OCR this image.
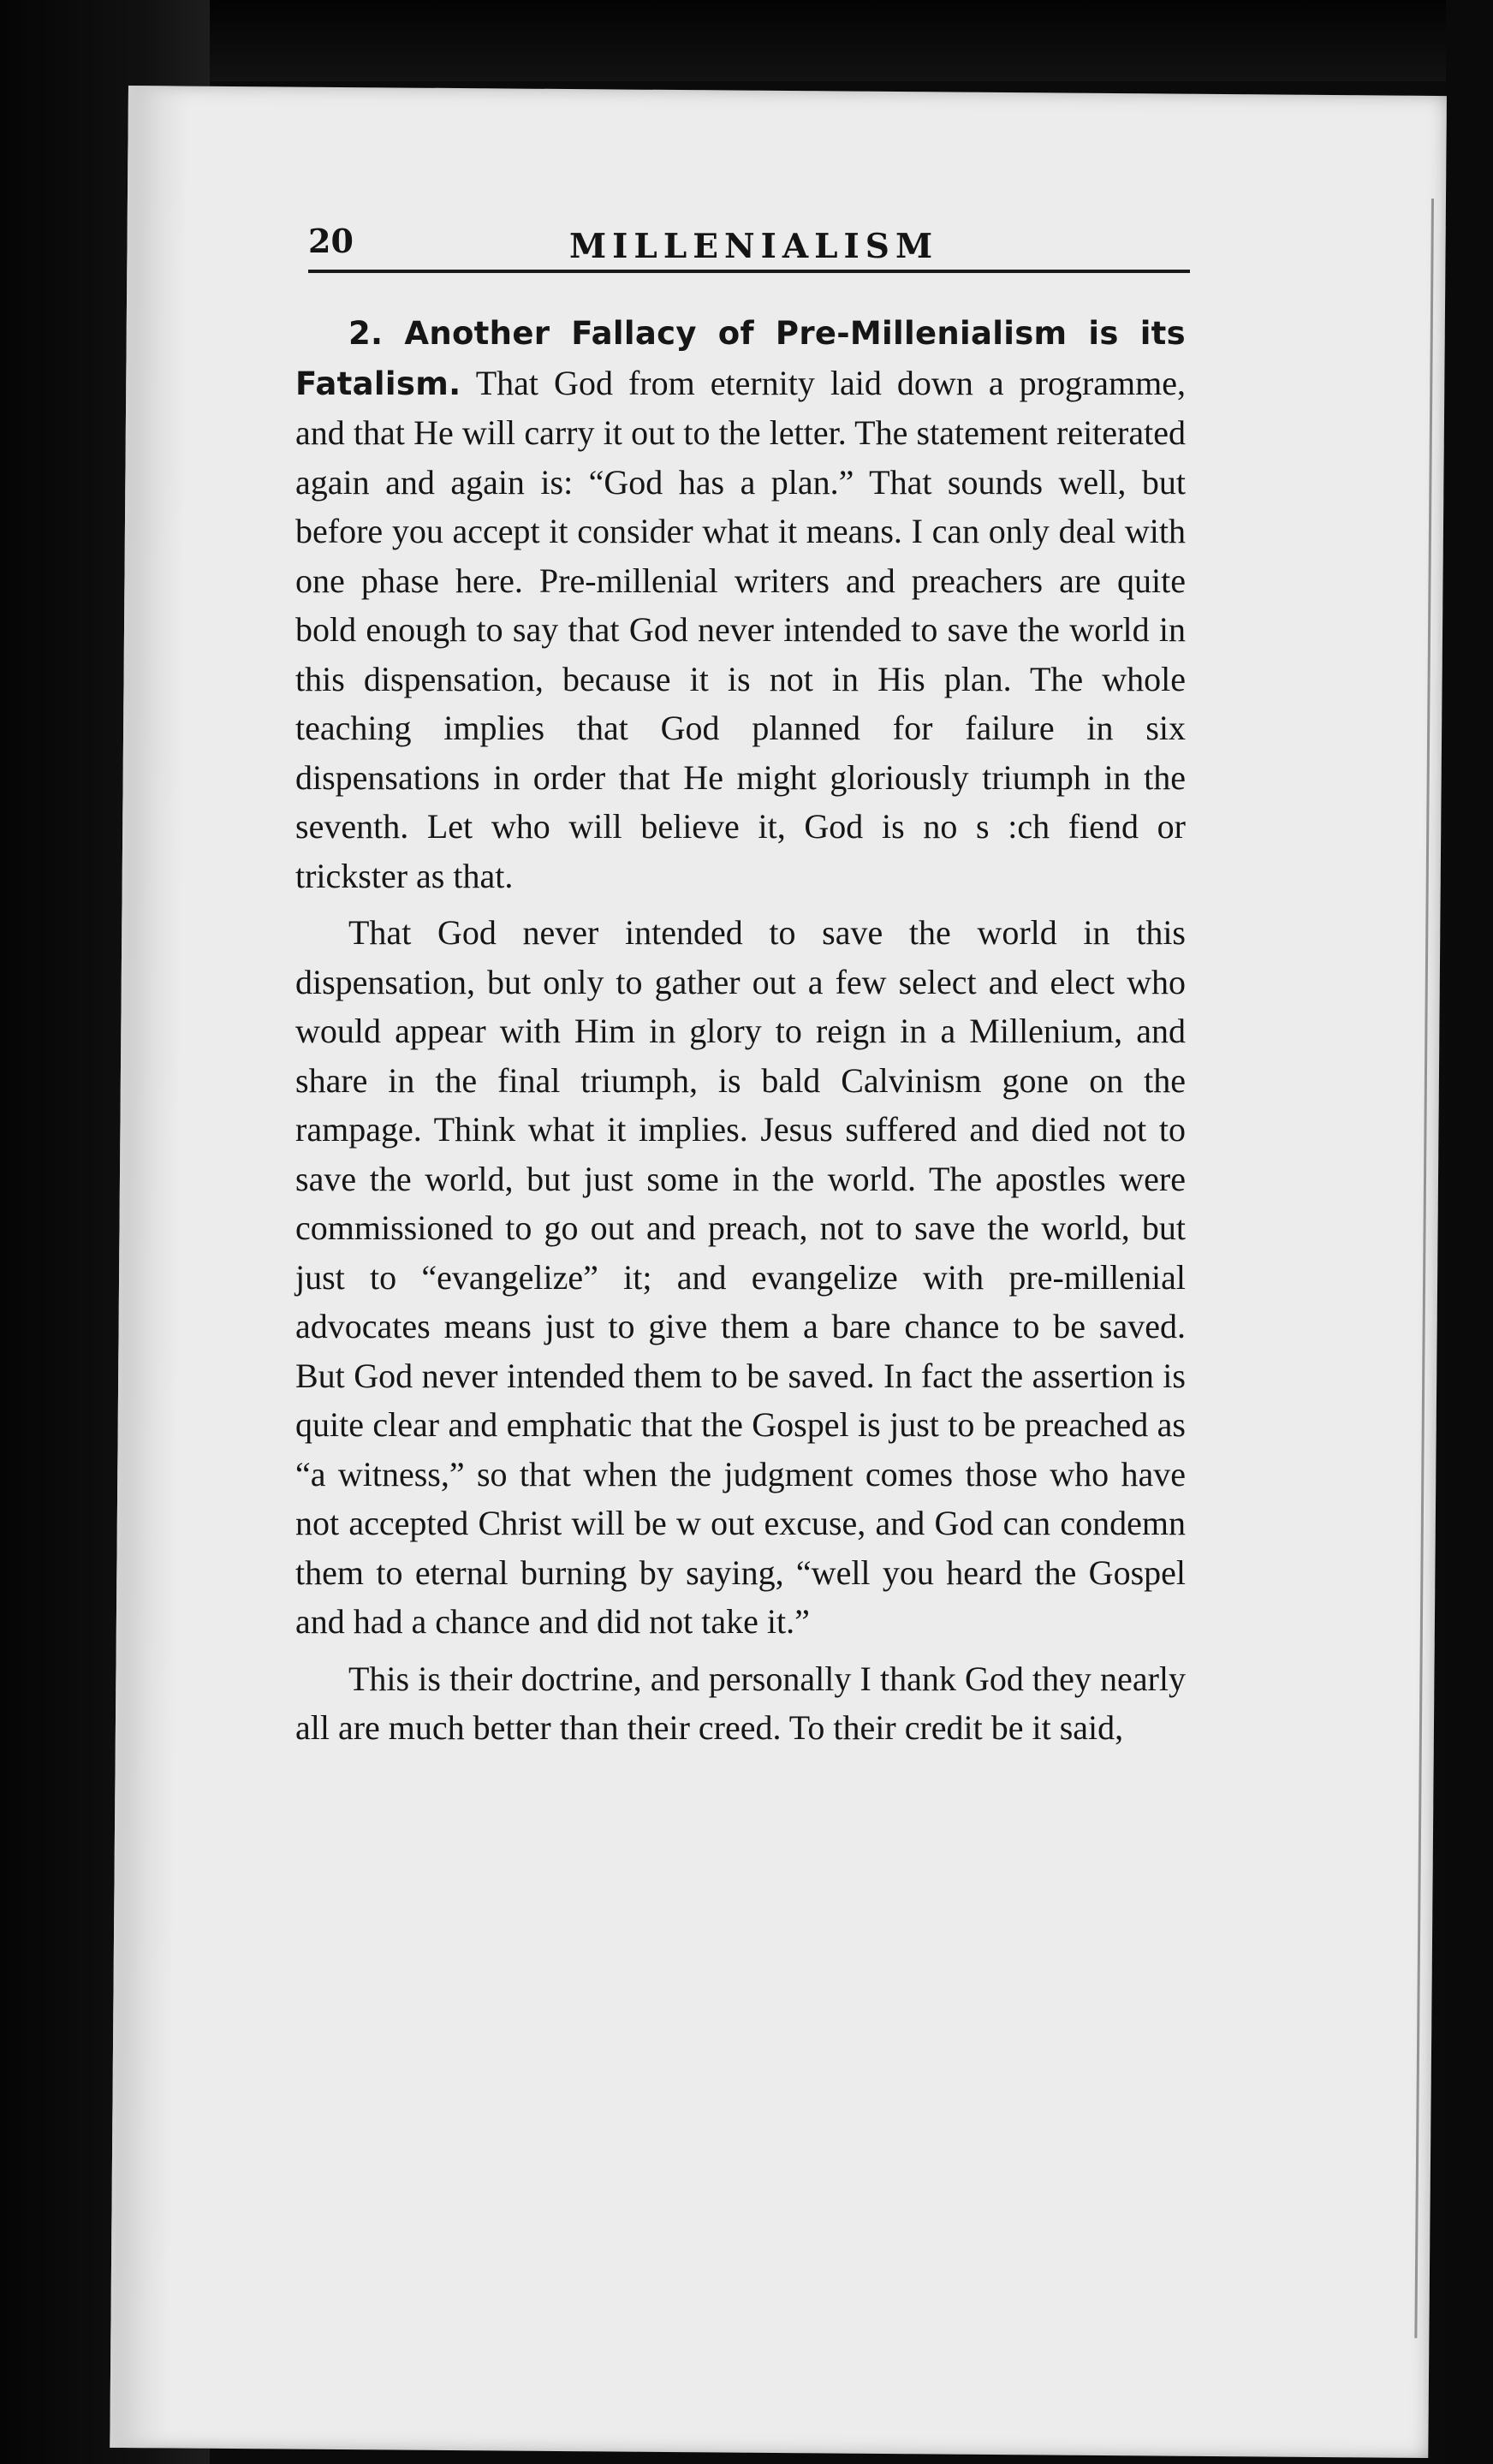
20	MILLENIALISM

2. Another Fallacy of Pre-Millenialism is its Fatalism. That God from eternity laid down a programme, and that He will carry it out to the letter. The statement reiterated again and again is: “God has a plan.” That sounds well, but before you accept it consider what it means. I can only deal with one phase here. Pre-millenial writers and preachers are quite bold enough to say that God never intended to save the world in this dispensation, because it is not in His plan. The whole teaching implies that God planned for failure in six dispensations in order that He might gloriously triumph in the seventh. Let who will believe it, God is no s :ch fiend or trickster as that.

That God never intended to save the world in this dispensation, but only to gather out a few select and elect who would appear with Him in glory to reign in a Millenium, and share in the final triumph, is bald Calvinism gone on the rampage. Think what it implies. Jesus suffered and died not to save the world, but just some in the world. The apostles were commissioned to go out and preach, not to save the world, but just to “evangelize” it; and evangelize with pre-millenial advocates means just to give them a bare chance to be saved. But God never intended them to be saved. In fact the assertion is quite clear and emphatic that the Gospel is just to be preached as “a witness,” so that when the judgment comes those who have not accepted Christ will be w out excuse, and God can condemn them to eternal burning by saying, “well you heard the Gospel and had a chance and did not take it.”

This is their doctrine, and personally I thank God they nearly all are much better than their creed. To their credit be it said,
